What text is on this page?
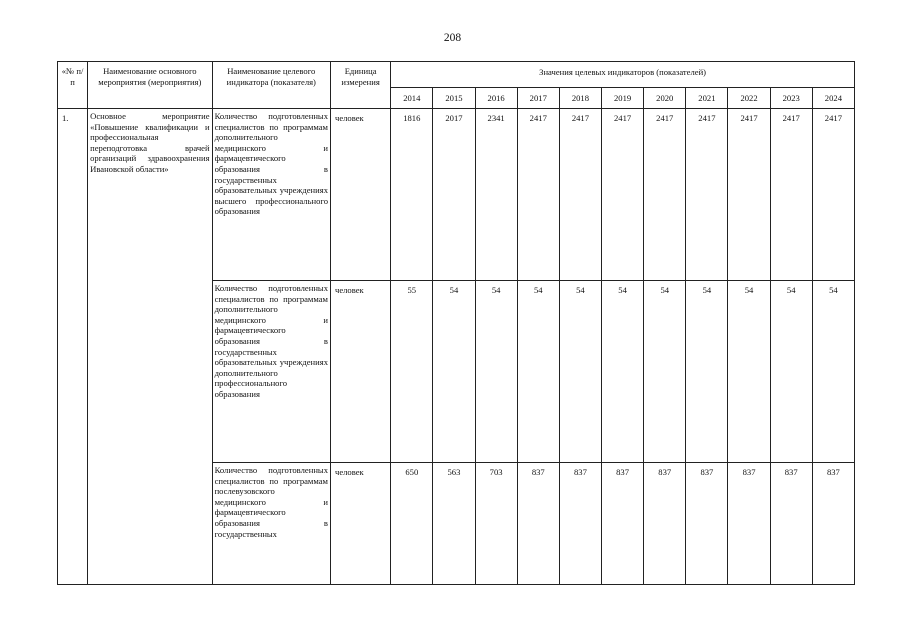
208
«№ п/п	Наименование основного мероприятия (мероприятия)	Наименование целевого индикатора (показателя)	Единица измерения	Значения целевых индикаторов (показателей)										
				2014	2015	2016	2017	2018	2019	2020	2021	2022	2023	2024
1.	Основное мероприятие «Повышение квалификации и профессиональная переподготовка врачей организаций здравоохранения Ивановской области»	Количество подготовленных специалистов по программам дополнительного медицинского и фармацевтического образования в государственных образовательных учреждениях высшего профессионального образования	человек	1816	2017	2341	2417	2417	2417	2417	2417	2417	2417	2417
		Количество подготовленных специалистов по программам дополнительного медицинского и фармацевтического образования в государственных образовательных учреждениях дополнительного профессионального образования	человек	55	54	54	54	54	54	54	54	54	54	54
		Количество подготовленных специалистов по программам послевузовского медицинского и фармацевтического образования в государственных	человек	650	563	703	837	837	837	837	837	837	837	837
